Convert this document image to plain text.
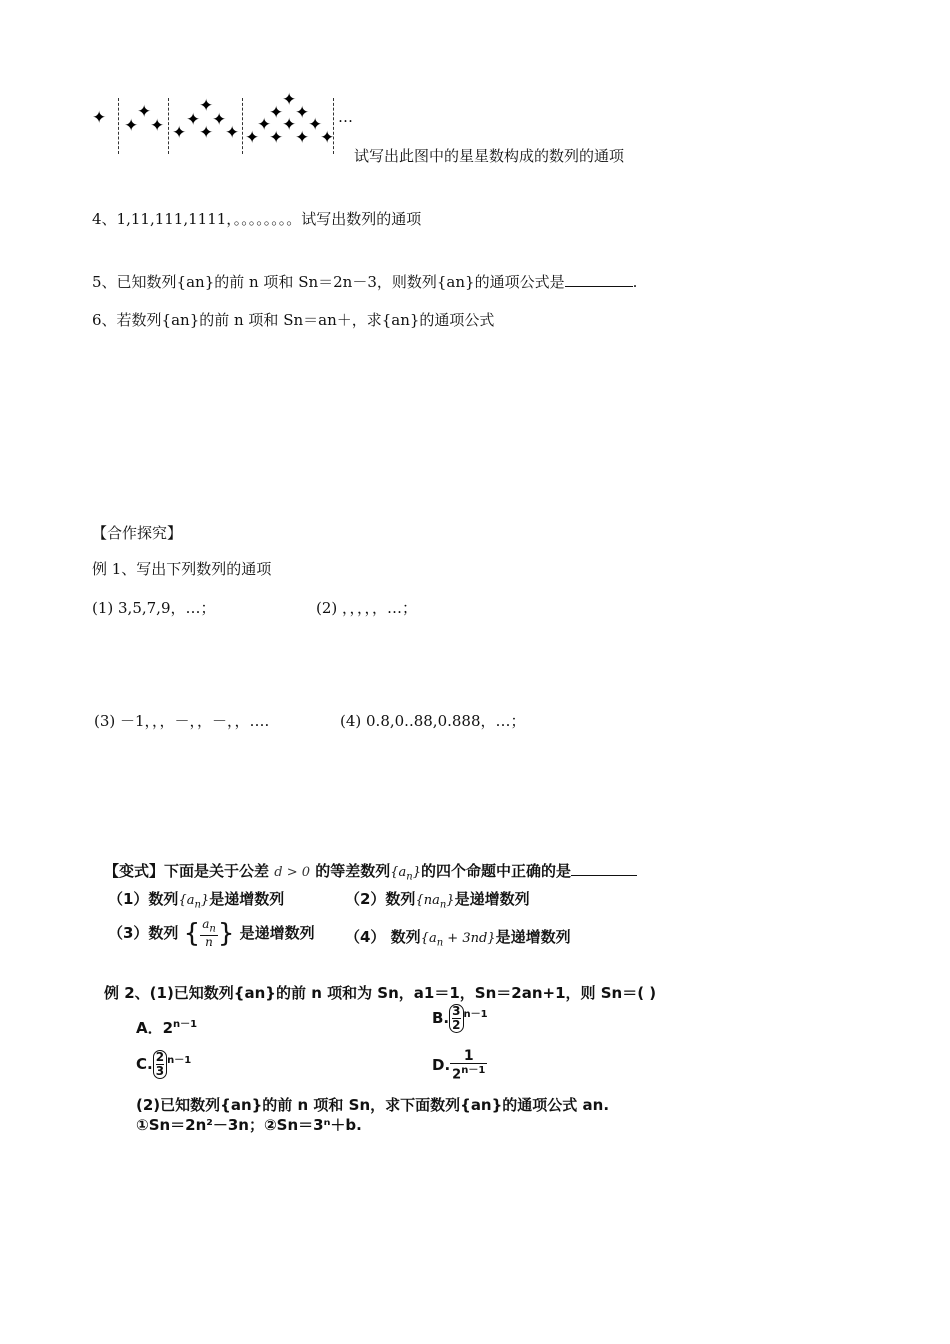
✦ ✦
✦
✦ ✦
✦
✦
✦
✦
✦ ✦
✦
✦
✦
✦
✦
✦
✦
✦
✦
…
试写出此图中的星星数构成的数列的通项
4、1,11,111,1111，。。。。。。。。试写出数列的通项
5、已知数列{an}的前 n 项和 Sn＝2n－3，则数列{an}的通项公式是	.
6、若数列{an}的前 n 项和 Sn＝an＋，求{an}的通项公式
【合作探究】
例 1、写出下列数列的通项
(1) 3,5,7,9，…；	(2) ，，，，，…；
(3) －1，，，－，，－，，….	(4) 0.8,0..88,0.888，…；
【变式】下面是关于公差 d > 0 的等差数列$\{a_n\}$的四个命题中正确的是
（1）数列$\{a_n\}$是递增数列	（2）数列$\{na_n\}$是递增数列
（3）数列 { $\frac{a_n}{n}$ } 是递增数列 （4） 数列$\{a_n + 3nd\}$是递增数列
例 2、(1)已知数列{an}的前 n 项和为 Sn，a1＝1，Sn＝2an+1，则 Sn＝( )
A．$2^{n-1}$	B. $\frac{3}{2} ^{n-1}$
C. $\frac{2}{3} ^{n-1}$	D. $\frac{1}{2^{n-1}}$
(2)已知数列{an}的前 n 项和 Sn，求下面数列{an}的通项公式 an.
①Sn＝2n²－3n；②Sn＝3ⁿ＋b.
